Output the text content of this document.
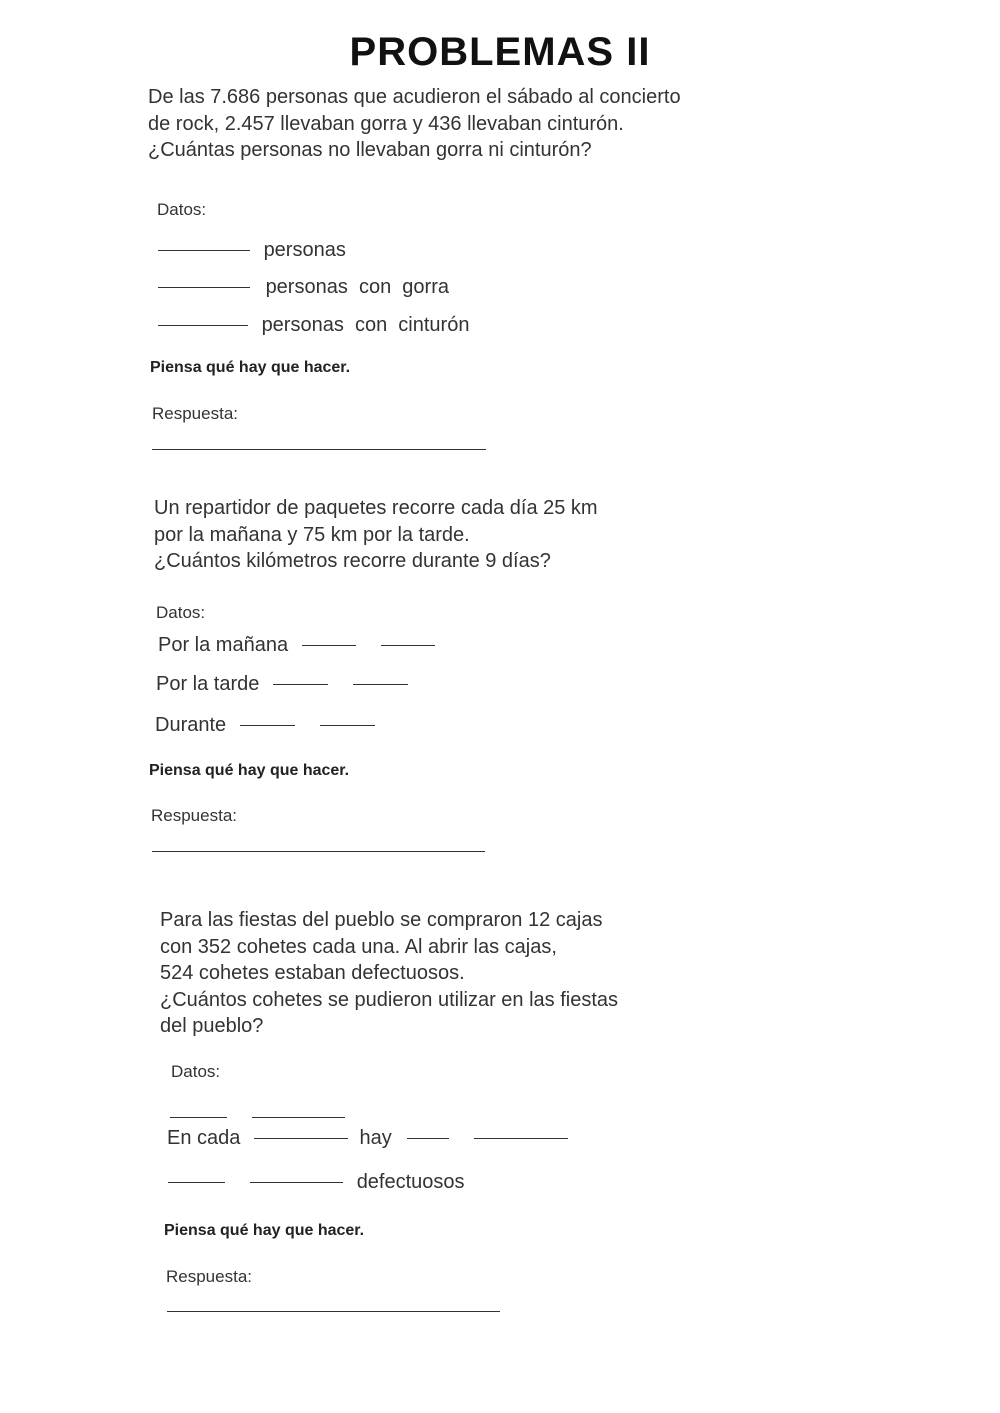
PROBLEMAS II
De las 7.686 personas que acudieron el sábado al concierto
de rock, 2.457 llevaban gorra y 436 llevaban cinturón.
¿Cuántas personas no llevaban gorra ni cinturón?
Datos:
personas
personas  con  gorra
personas  con  cinturón
Piensa qué hay que hacer.
Respuesta:
Un repartidor de paquetes recorre cada día 25 km
por la mañana y 75 km por la tarde.
¿Cuántos kilómetros recorre durante 9 días?
Datos:
Por la mañana
Por la tarde
Durante
Piensa qué hay que hacer.
Respuesta:
Para las fiestas del pueblo se compraron 12 cajas
con 352 cohetes cada una. Al abrir las cajas,
524 cohetes estaban defectuosos.
¿Cuántos cohetes se pudieron utilizar en las fiestas
del pueblo?
Datos:

En cada	hay
defectuosos
Piensa qué hay que hacer.
Respuesta:
